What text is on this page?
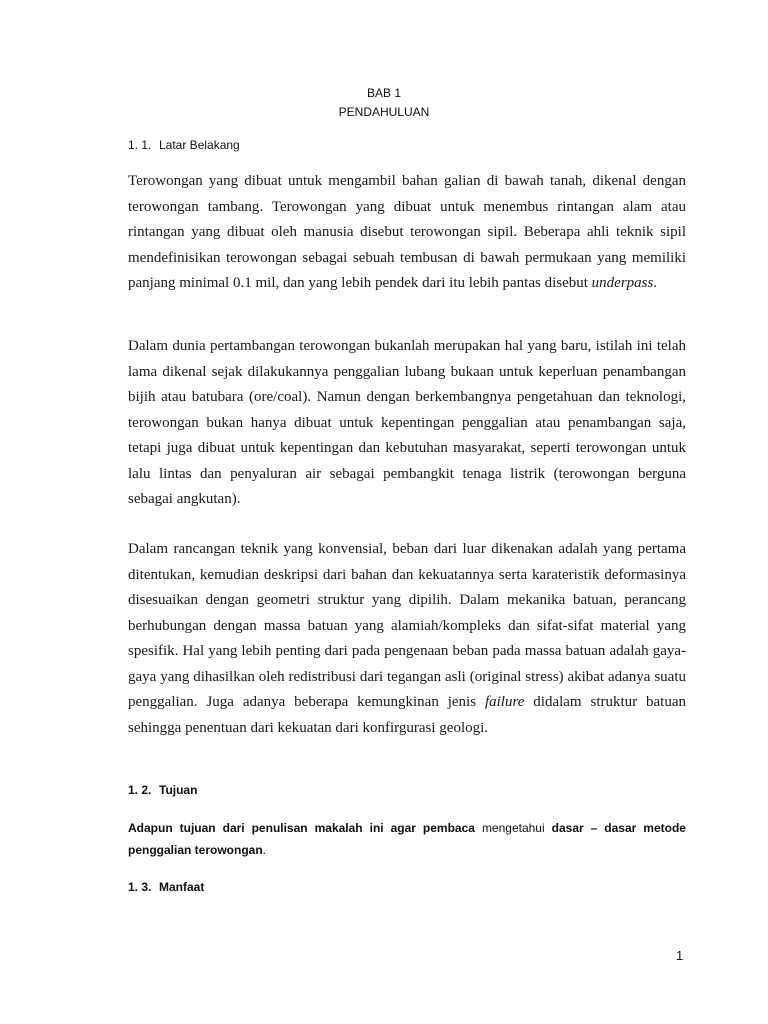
BAB 1
PENDAHULUAN
1. 1. Latar Belakang

Terowongan yang dibuat untuk mengambil bahan galian di bawah tanah, dikenal dengan terowongan tambang. Terowongan yang dibuat untuk menembus rintangan alam atau rintangan yang dibuat oleh manusia disebut terowongan sipil. Beberapa ahli teknik sipil mendefinisikan terowongan sebagai sebuah tembusan di bawah permukaan yang memiliki panjang minimal 0.1 mil, dan yang lebih pendek dari itu lebih pantas disebut underpass.

Dalam dunia pertambangan terowongan bukanlah merupakan hal yang baru, istilah ini telah lama dikenal sejak dilakukannya penggalian lubang bukaan untuk keperluan penambangan bijih atau batubara (ore/coal). Namun dengan berkembangnya pengetahuan dan teknologi, terowongan bukan hanya dibuat untuk kepentingan penggalian atau penambangan saja, tetapi juga dibuat untuk kepentingan dan kebutuhan masyarakat, seperti terowongan untuk lalu lintas dan penyaluran air sebagai pembangkit tenaga listrik (terowongan berguna sebagai angkutan).

Dalam rancangan teknik yang konvensial, beban dari luar dikenakan adalah yang pertama ditentukan, kemudian deskripsi dari bahan dan kekuatannya serta karateristik deformasinya disesuaikan dengan geometri struktur yang dipilih. Dalam mekanika batuan, perancang berhubungan dengan massa batuan yang alamiah/kompleks dan sifat-sifat material yang spesifik. Hal yang lebih penting dari pada pengenaan beban pada massa batuan adalah gaya-gaya yang dihasilkan oleh redistribusi dari tegangan asli (original stress) akibat adanya suatu penggalian. Juga adanya beberapa kemungkinan jenis failure didalam struktur batuan sehingga penentuan dari kekuatan dari konfirgurasi geologi.

1. 2. Tujuan

Adapun tujuan dari penulisan makalah ini agar pembaca mengetahui dasar – dasar metode penggalian terowongan.

1. 3. Manfaat
1
